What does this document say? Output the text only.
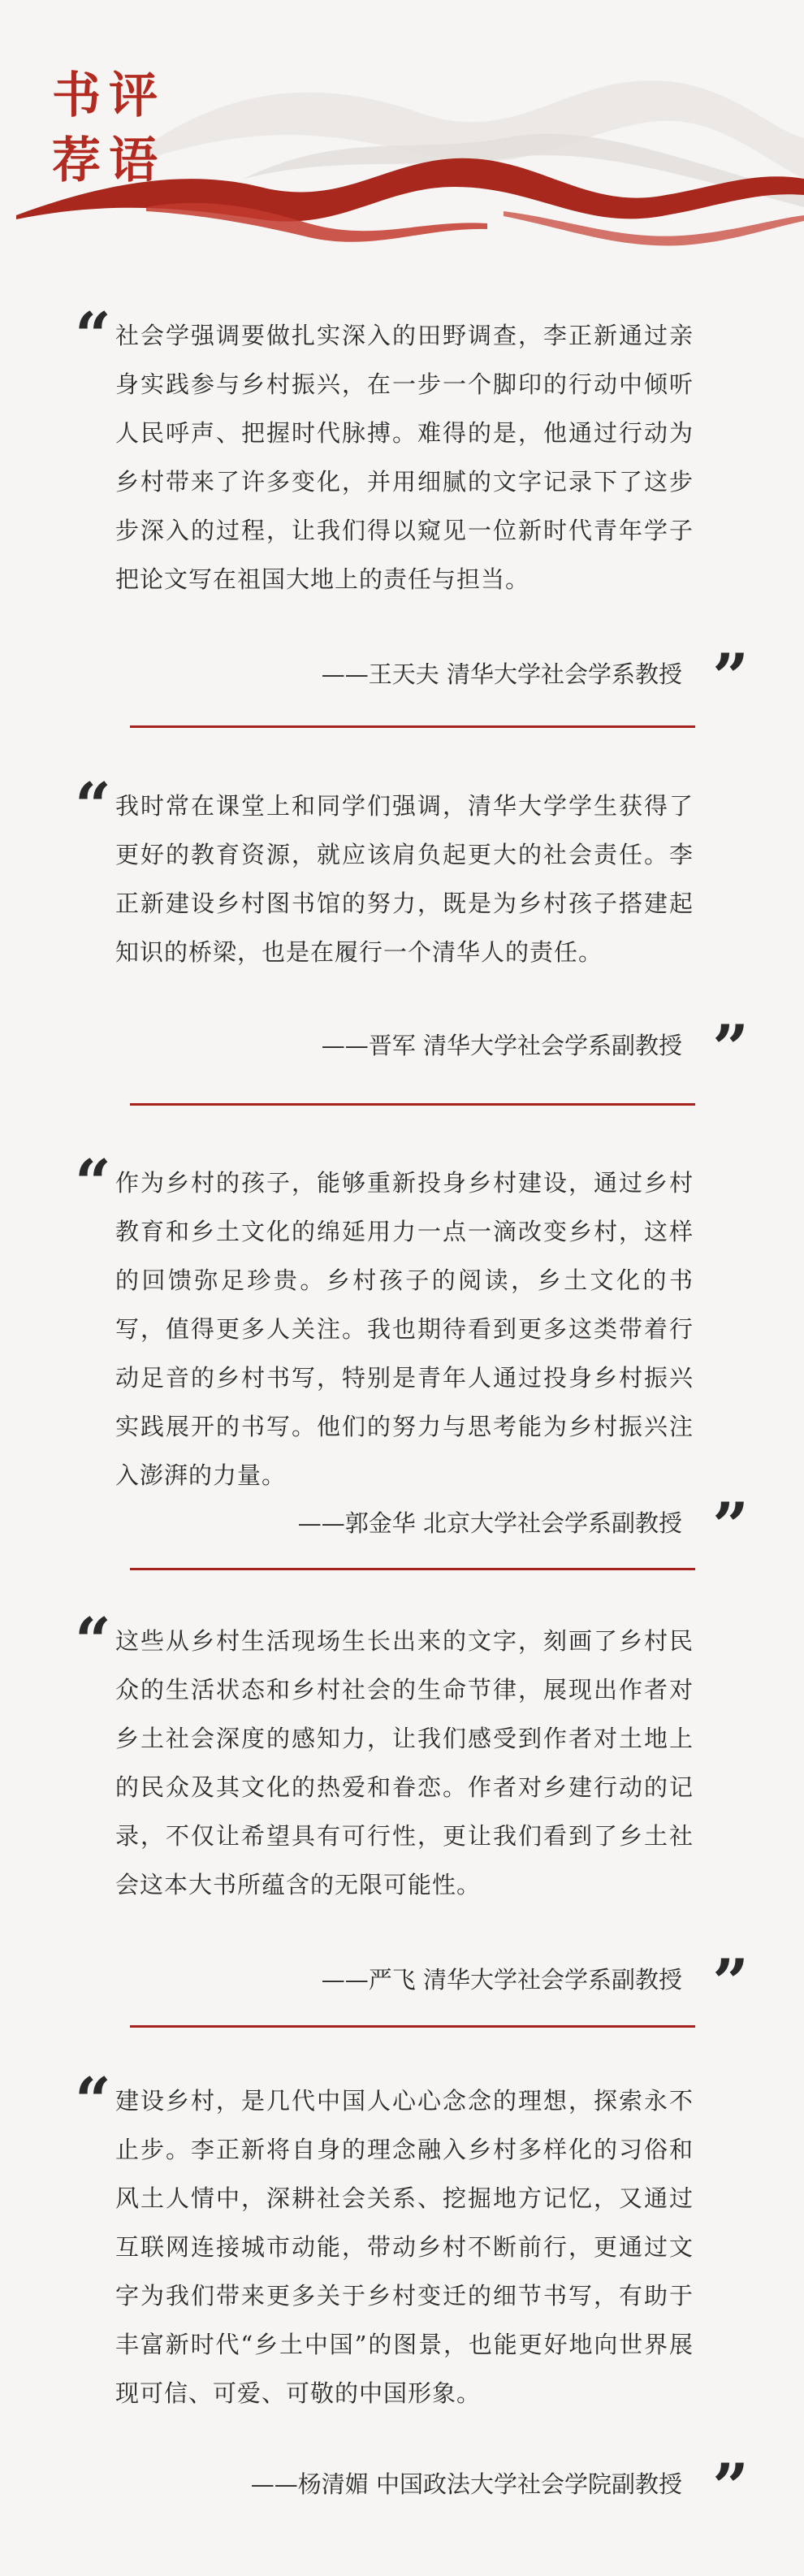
书评
荐语
“ 社会学强调要做扎实深入的田野调查，李正新通过亲身实践参与乡村振兴，在一步一个脚印的行动中倾听人民呼声、把握时代脉搏。难得的是，他通过行动为乡村带来了许多变化，并用细腻的文字记录下了这步步深入的过程，让我们得以窥见一位新时代青年学子把论文写在祖国大地上的责任与担当。
——王天夫 清华大学社会学系教授 ”
“ 我时常在课堂上和同学们强调，清华大学学生获得了更好的教育资源，就应该肩负起更大的社会责任。李正新建设乡村图书馆的努力，既是为乡村孩子搭建起知识的桥梁，也是在履行一个清华人的责任。
——晋军 清华大学社会学系副教授 ”
“ 作为乡村的孩子，能够重新投身乡村建设，通过乡村教育和乡土文化的绵延用力一点一滴改变乡村，这样的回馈弥足珍贵。乡村孩子的阅读，乡土文化的书写，值得更多人关注。我也期待看到更多这类带着行动足音的乡村书写，特别是青年人通过投身乡村振兴实践展开的书写。他们的努力与思考能为乡村振兴注入澎湃的力量。
——郭金华 北京大学社会学系副教授 ”
“ 这些从乡村生活现场生长出来的文字，刻画了乡村民众的生活状态和乡村社会的生命节律，展现出作者对乡土社会深度的感知力，让我们感受到作者对土地上的民众及其文化的热爱和眷恋。作者对乡建行动的记录，不仅让希望具有可行性，更让我们看到了乡土社会这本大书所蕴含的无限可能性。
——严飞 清华大学社会学系副教授 ”
“ 建设乡村，是几代中国人心心念念的理想，探索永不止步。李正新将自身的理念融入乡村多样化的习俗和风土人情中，深耕社会关系、挖掘地方记忆，又通过互联网连接城市动能，带动乡村不断前行，更通过文字为我们带来更多关于乡村变迁的细节书写，有助于丰富新时代“乡土中国”的图景，也能更好地向世界展现可信、可爱、可敬的中国形象。
——杨清媚 中国政法大学社会学院副教授 ”
